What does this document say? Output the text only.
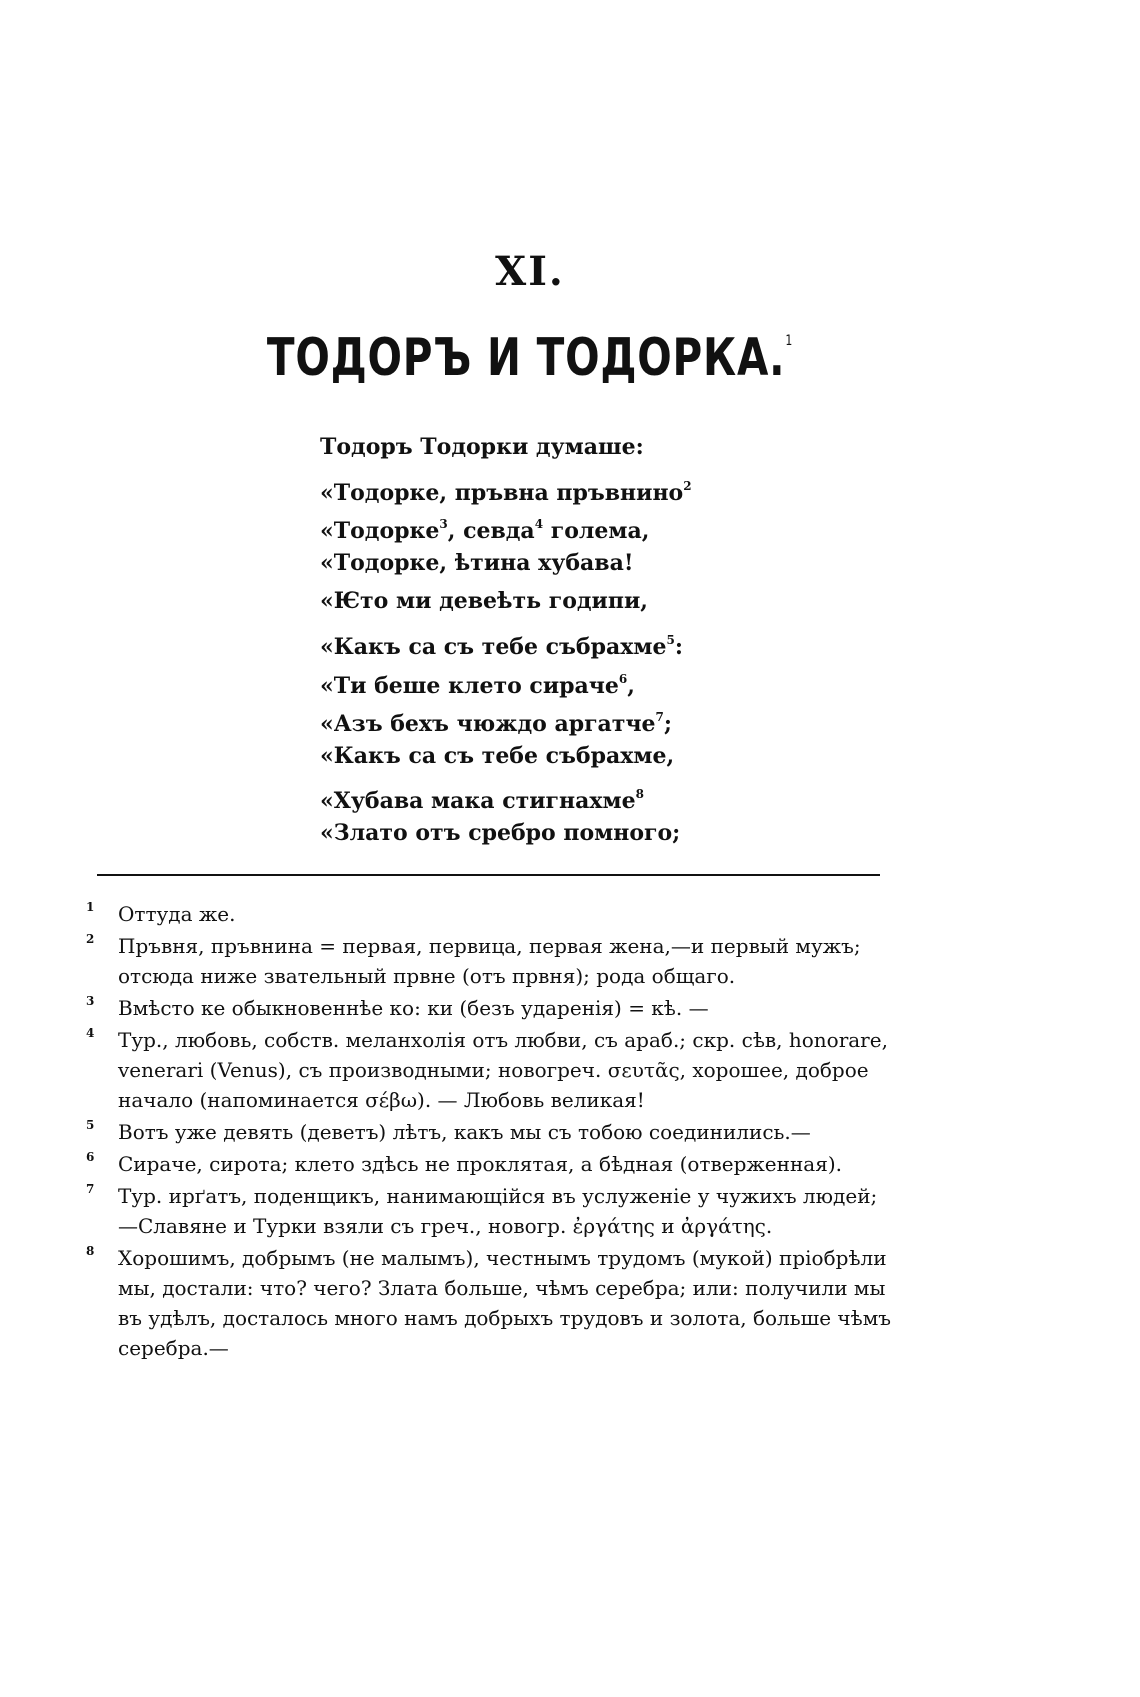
XI.
ТОДОРЪ И ТОДОРКА.$^1$
Тодоръ Тодорки думаше:
«Тодорке, пръвна пръвнино$^2$
«Тодорке$^3$, севда$^4$ голема,
«Тодорке, ѣтина хубава!
«Ѥто ми девеѣть годипи,
«Какъ са съ тебе събрахме$^5$:
«Ти беше клето сираче$^6$,
«Азъ бехъ чюждо аргатче$^7$;
«Какъ са съ тебе събрахме,
«Хубава мака стигнахме$^8$
«Злато отъ сребро помного;
1 Оттуда же.
2 Пръвня, пръвнина = первая, первица, первая жена,—и первый мужъ; отсюда ниже звательный првне (отъ првня); рода общаго.
3 Вмѣсто ке обыкновеннѣе ко: ки (безъ ударенія) = кѣ. —
4 Тур., любовь, собств. меланхолія отъ любви, съ араб.; скр. сѣв, honorare, venerari (Venus), съ производными; новогреч. σευτᾶς, хорошее, доброе начало (напоминается σέβω). — Любовь великая!
5 Вотъ уже девять (деветъ) лѣтъ, какъ мы съ тобою соединились.—
6 Сираче, сирота; клето здѣсь не проклятая, а бѣдная (отверженная).
7 Тур. ирґатъ, поденщикъ, нанимающійся въ услуженіе у чужихъ людей;—Славяне и Турки взяли съ греч., новогр. ἐργάτης и ἀργάτης.
8 Хорошимъ, добрымъ (не малымъ), честнымъ трудомъ (мукой) пріобрѣли мы, достали: что? чего? Злата больше, чѣмъ серебра; или: получили мы въ удѣлъ, досталось много намъ добрыхъ трудовъ и золота, больше чѣмъ серебра.—
